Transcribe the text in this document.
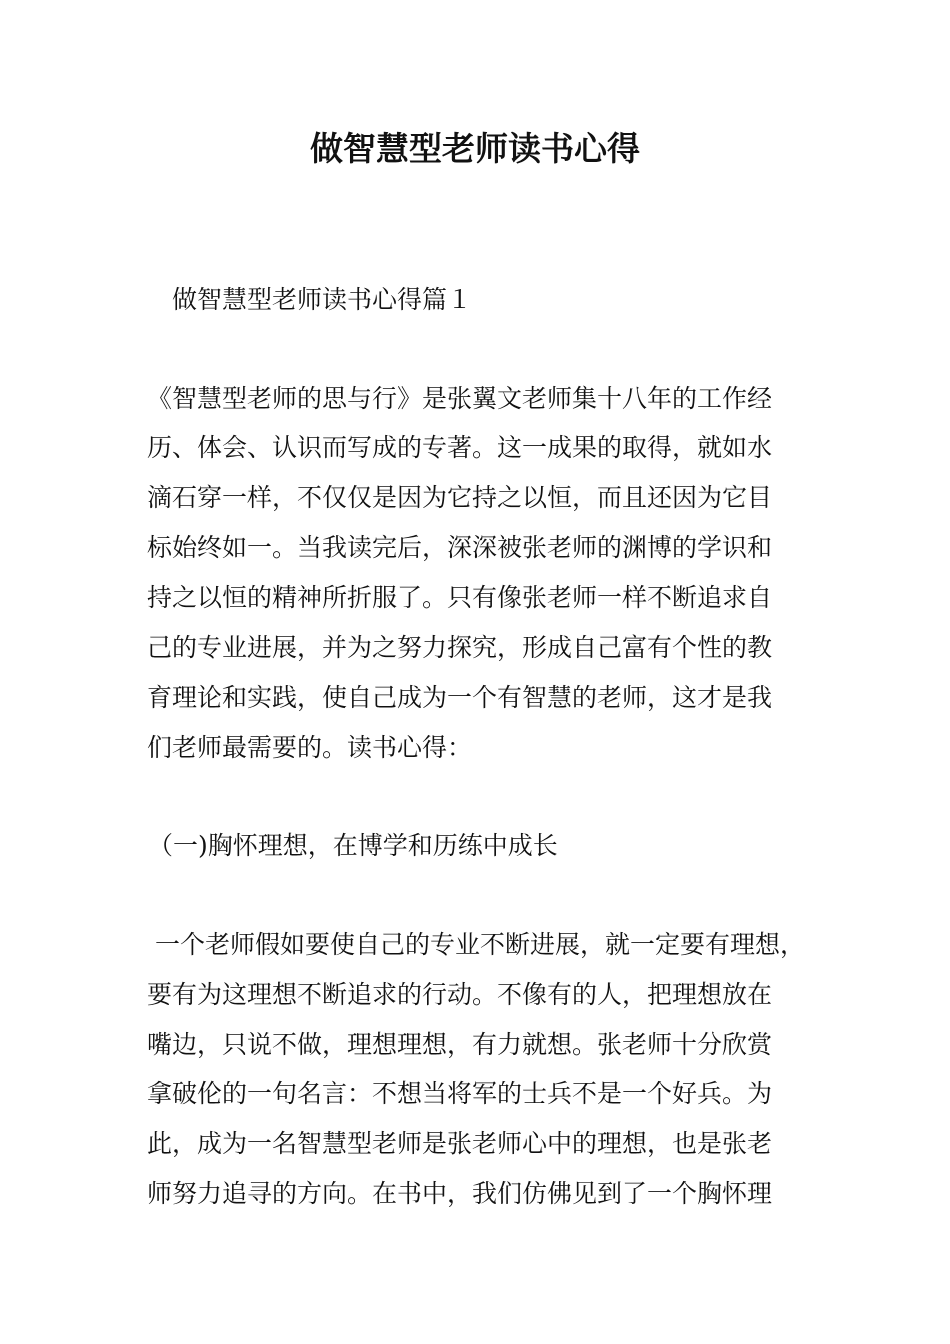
做智慧型老师读书心得
做智慧型老师读书心得篇１
《智慧型老师的思与行》是张翼文老师集十八年的工作经
历、体会、认识而写成的专著。这一成果的取得，就如水
滴石穿一样，不仅仅是因为它持之以恒，而且还因为它目
标始终如一。当我读完后，深深被张老师的渊博的学识和
持之以恒的精神所折服了。只有像张老师一样不断追求自
己的专业进展，并为之努力探究，形成自己富有个性的教
育理论和实践，使自己成为一个有智慧的老师，这才是我
们老师最需要的。读书心得：
（一)胸怀理想，在博学和历练中成长
一个老师假如要使自己的专业不断进展，就一定要有理想，
要有为这理想不断追求的行动。不像有的人，把理想放在
嘴边，只说不做，理想理想，有力就想。张老师十分欣赏
拿破伦的一句名言：不想当将军的士兵不是一个好兵。为
此，成为一名智慧型老师是张老师心中的理想，也是张老
师努力追寻的方向。在书中，我们仿佛见到了一个胸怀理
